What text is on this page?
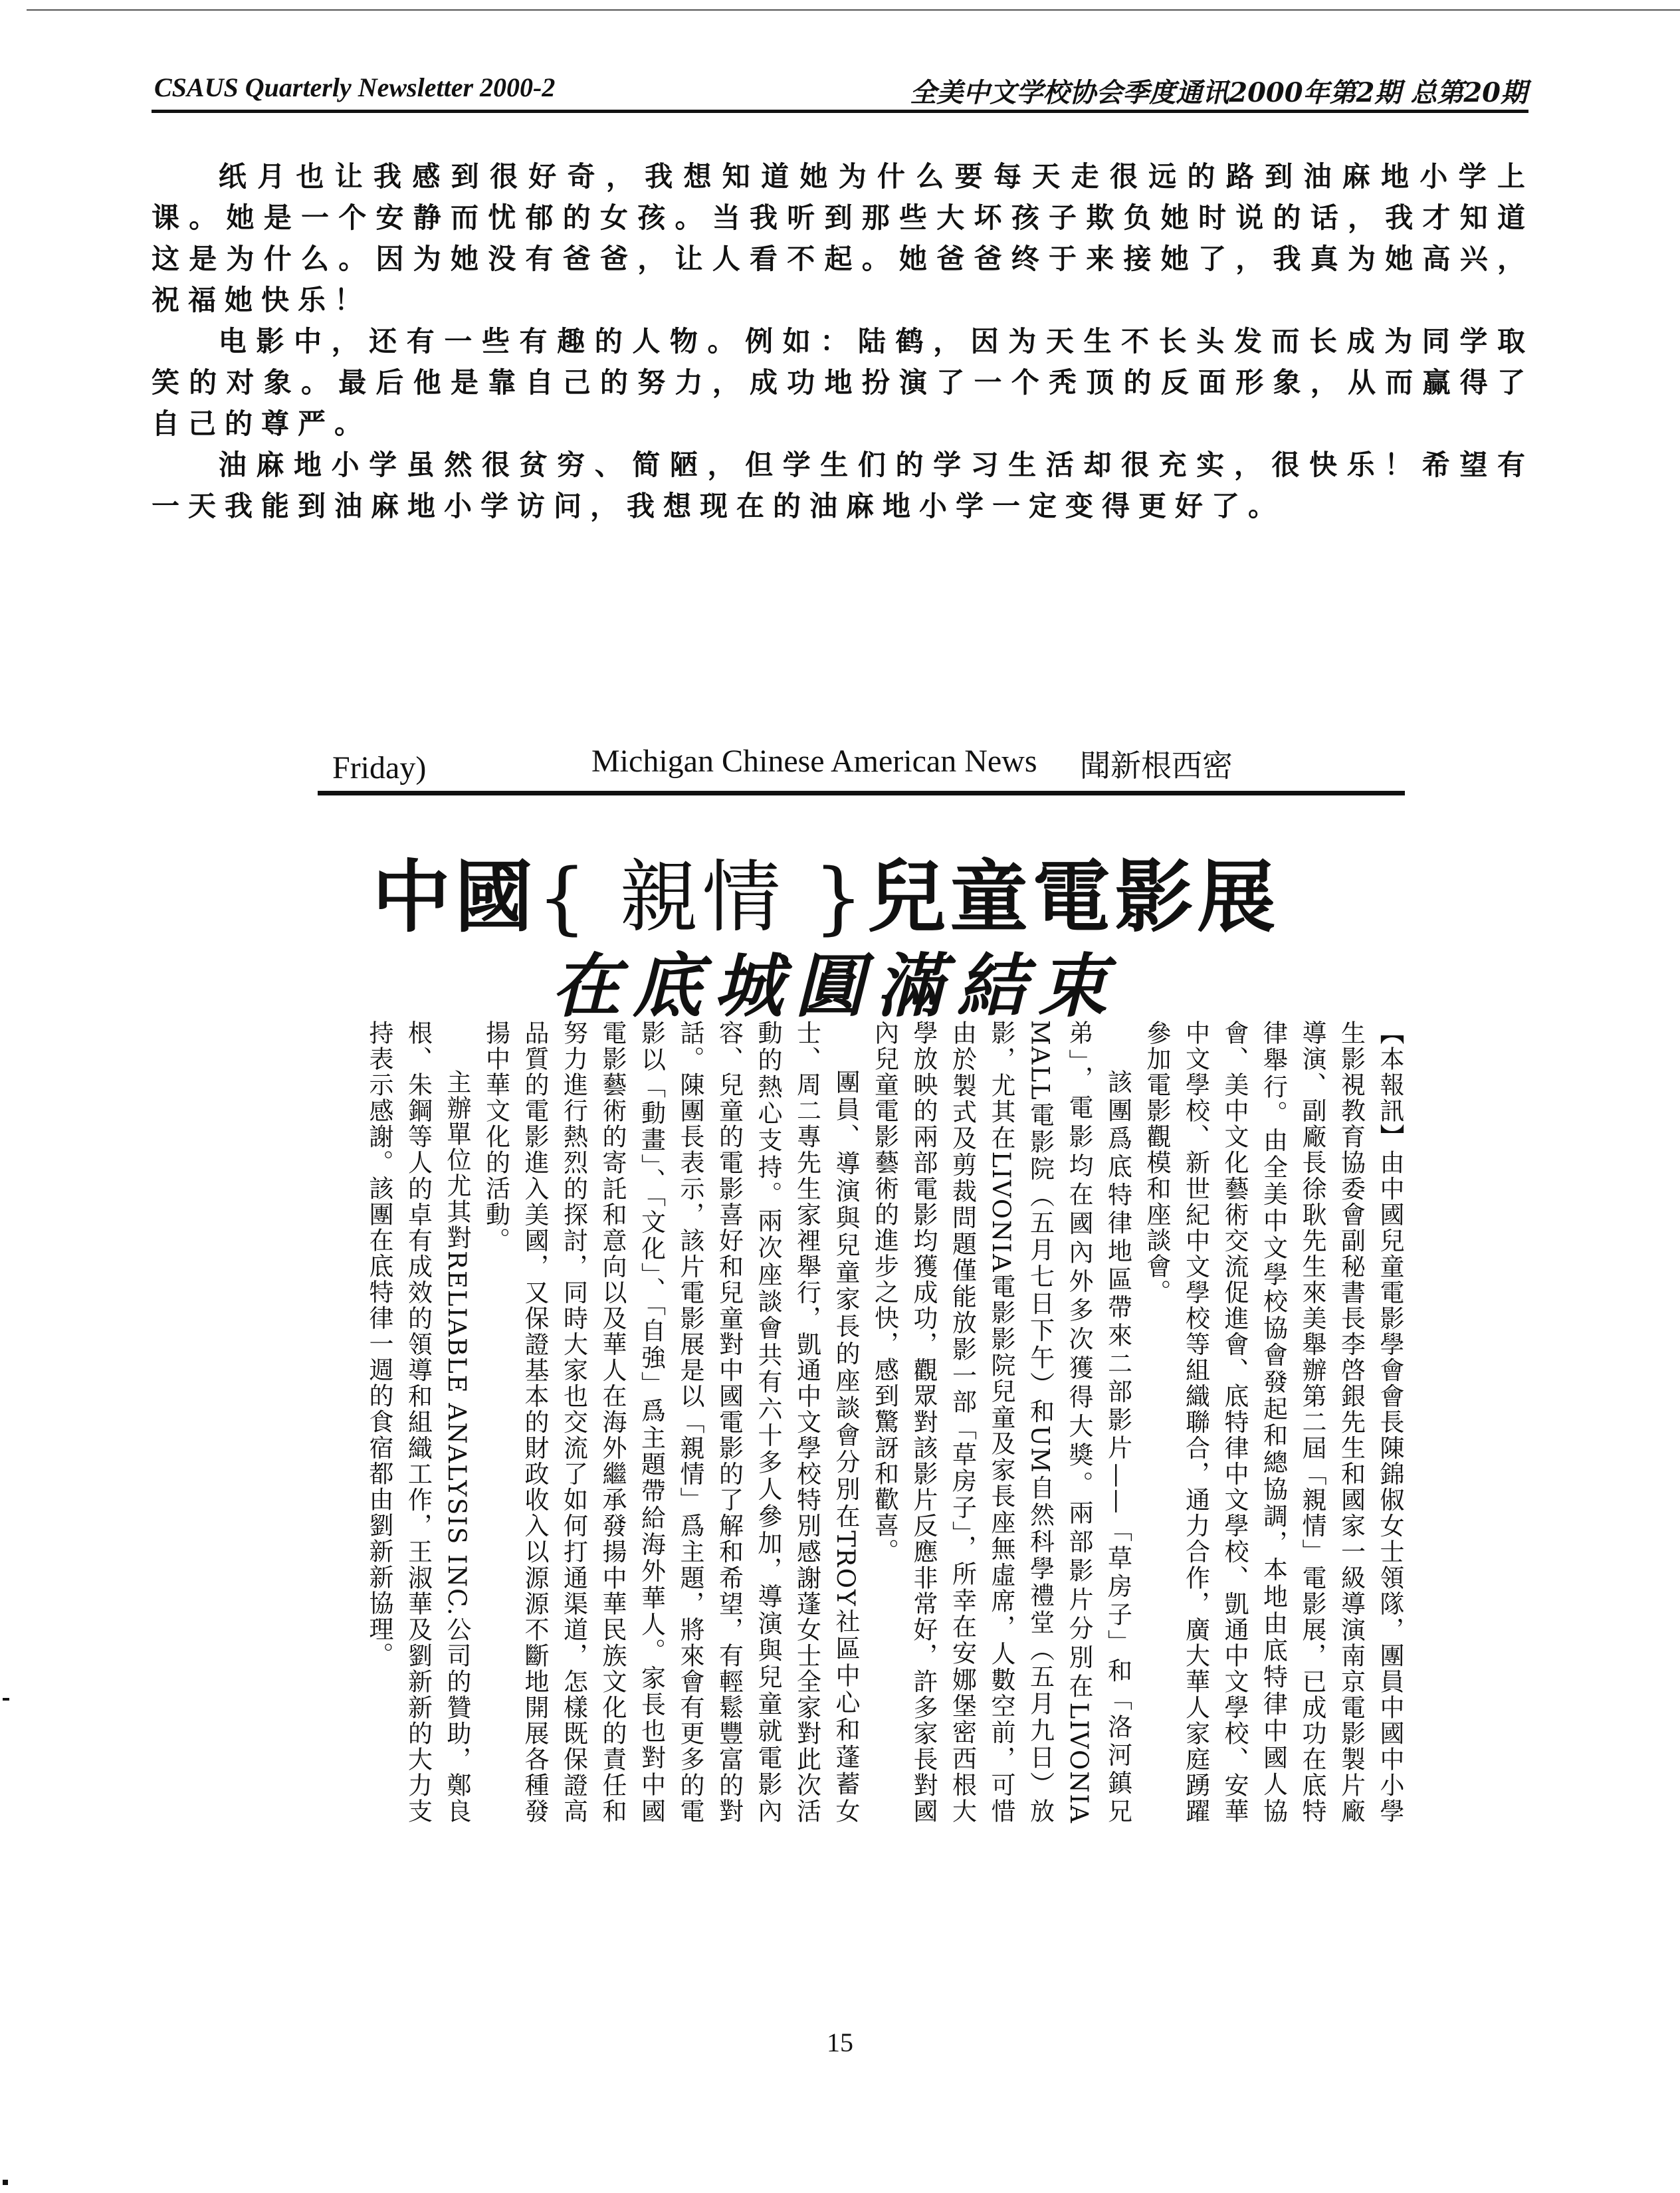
CSAUS Quarterly Newsletter 2000-2	全美中文学校协会季度通讯2000年第2期 总第20期

纸月也让我感到很好奇，我想知道她为什么要每天走很远的路到油麻地小学上课。她是一个安静而忧郁的女孩。当我听到那些大坏孩子欺负她时说的话，我才知道这是为什么。因为她没有爸爸，让人看不起。她爸爸终于来接她了，我真为她高兴，祝福她快乐！

电影中，还有一些有趣的人物。例如：陆鹤，因为天生不长头发而长成为同学取笑的对象。最后他是靠自己的努力，成功地扮演了一个秃顶的反面形象，从而赢得了自己的尊严。

油麻地小学虽然很贫穷、简陋，但学生们的学习生活却很充实，很快乐！希望有一天我能到油麻地小学访问，我想现在的油麻地小学一定变得更好了。

Friday)	Michigan Chinese American News 聞新根西密
中國{ 親情 }兒童電影展
在底城圓滿結束

【本報訊】由中國兒童電影學會會長陳錦俶女士領隊，團員中國中小學生影視教育協委會副秘書長李啓銀先生和國家一級導演南京電影製片廠導演、副廠長徐耿先生來美舉辦第二屆「親情」電影展，已成功在底特律舉行。由全美中文學校協會發起和總協調，本地由底特律中國人協會、美中文化藝術交流促進會、底特律中文學校、凱通中文學校、安華中文學校、新世紀中文學校等組織聯合，通力合作，廣大華人家庭踴躍參加電影觀模和座談會。

該團爲底特律地區帶來二部影片——「草房子」和「洛河鎮兄弟」，電影均在國內外多次獲得大獎。兩部影片分別在LIVONIA MALL電影院（五月七日下午）和UM自然科學禮堂（五月九日）放影，尤其在LIVONIA電影影院兒童及家長座無虛席，人數空前，可惜由於製式及剪裁問題僅能放影一部「草房子」，所幸在安娜堡密西根大學放映的兩部電影均獲成功，觀眾對該影片反應非常好，許多家長對國內兒童電影藝術的進步之快，感到驚訝和歡喜。

團員、導演與兒童家長的座談會分別在TROY社區中心和蓬蓄女士、周二專先生家裡舉行，凱通中文學校特別感謝蓬女士全家對此次活動的熱心支持。兩次座談會共有六十多人參加，導演與兒童就電影內容、兒童的電影喜好和兒童對中國電影的了解和希望，有輕鬆豐富的對話。陳團長表示，該片電影展是以「親情」爲主題，將來會有更多的電影以「動畫」、「文化」、「自強」爲主題帶給海外華人。家長也對中國電影藝術的寄託和意向以及華人在海外繼承發揚中華民族文化的責任和努力進行熱烈的探討，同時大家也交流了如何打通渠道，怎樣既保證高品質的電影進入美國，又保證基本的財政收入以源源不斷地開展各種發揚中華文化的活動。

主辦單位尤其對RELIABLE ANALYSIS INC.公司的贊助，鄭良根、朱鋼等人的卓有成效的領導和組織工作，王淑華及劉新新的大力支持表示感謝。該團在底特律一週的食宿都由劉新新協理。

15
